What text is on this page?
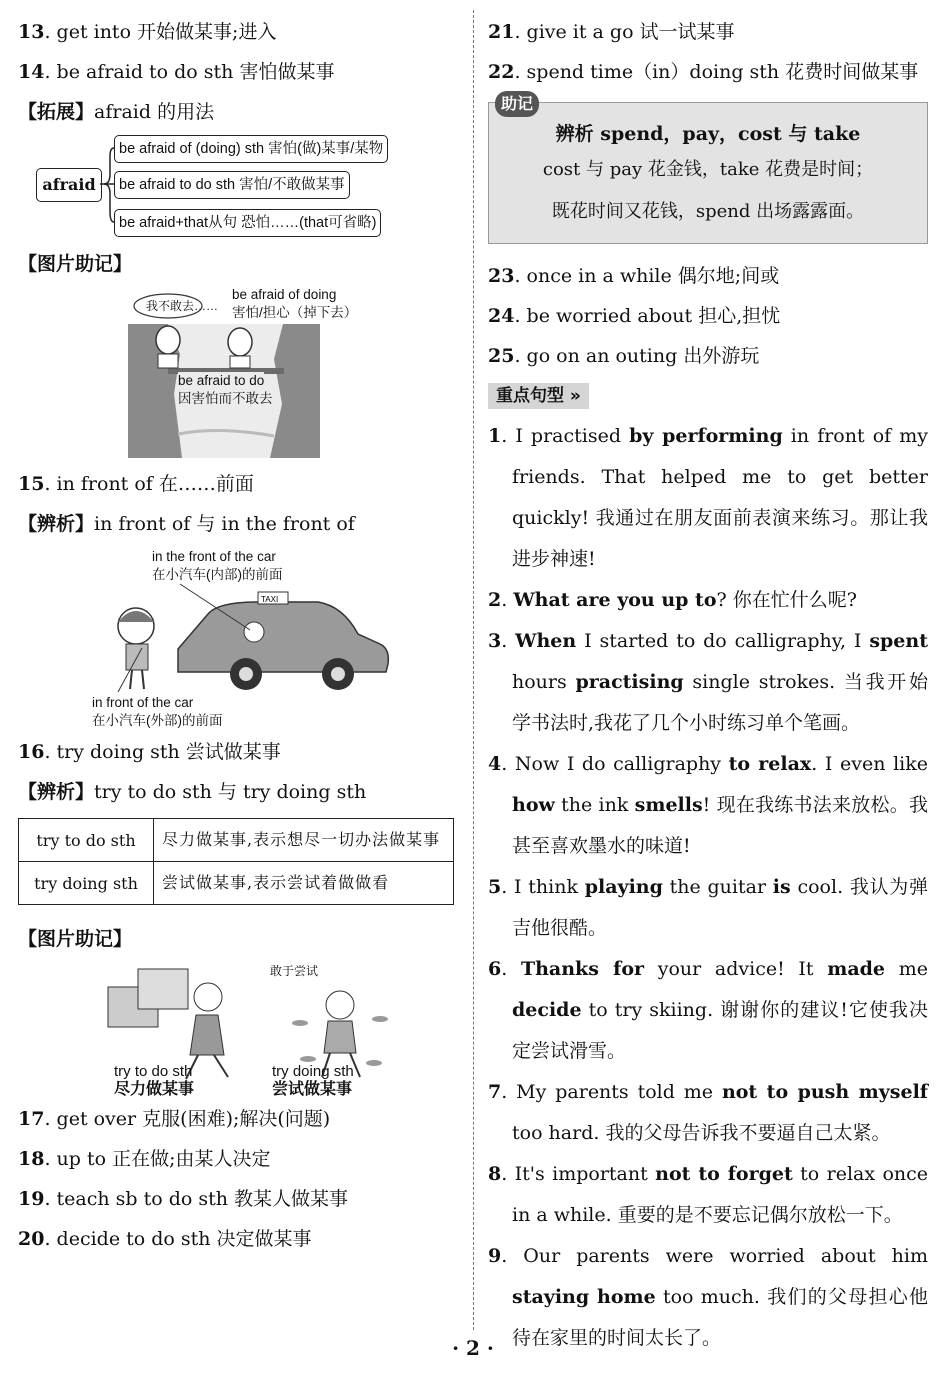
13. get into 开始做某事;进入
14. be afraid to do sth 害怕做某事
【拓展】afraid 的用法
afraid
be afraid of (doing) sth 害怕(做)某事/某物
be afraid to do sth 害怕/不敢做某事
be afraid+that从句 恐怕……(that可省略)
【图片助记】
我不敢去……
be afraid of doing
害怕/担心（掉下去）
be afraid to do
因害怕而不敢去
15. in front of 在……前面
【辨析】in front of 与 in the front of
in the front of the car
在小汽车(内部)的前面
TAXI
in front of the car
在小汽车(外部)的前面
16. try doing sth 尝试做某事
【辨析】try to do sth 与 try doing sth
try to do sth	尽力做某事,表示想尽一切办法做某事
try doing sth	尝试做某事,表示尝试着做做看
【图片助记】
敢于尝试
try to do sth
尽力做某事
try doing sth
尝试做某事
17. get over 克服(困难);解决(问题)
18. up to 正在做;由某人决定
19. teach sb to do sth 教某人做某事
20. decide to do sth 决定做某事
21. give it a go 试一试某事
22. spend time（in）doing sth 花费时间做某事
助记
辨析 spend，pay，cost 与 take
cost 与 pay 花金钱，take 花费是时间；
既花时间又花钱，spend 出场露露面。
23. once in a while 偶尔地;间或
24. be worried about 担心,担忧
25. go on an outing 出外游玩
重点句型 »
1. I practised by performing in front of my friends. That helped me to get better quickly! 我通过在朋友面前表演来练习。那让我进步神速!
2. What are you up to? 你在忙什么呢?
3. When I started to do calligraphy, I spent hours practising single strokes. 当我开始学书法时,我花了几个小时练习单个笔画。
4. Now I do calligraphy to relax. I even like how the ink smells! 现在我练书法来放松。我甚至喜欢墨水的味道!
5. I think playing the guitar is cool. 我认为弹吉他很酷。
6. Thanks for your advice! It made me decide to try skiing. 谢谢你的建议!它使我决定尝试滑雪。
7. My parents told me not to push myself too hard. 我的父母告诉我不要逼自己太紧。
8. It's important not to forget to relax once in a while. 重要的是不要忘记偶尔放松一下。
9. Our parents were worried about him staying home too much. 我们的父母担心他待在家里的时间太长了。
· 2 ·
